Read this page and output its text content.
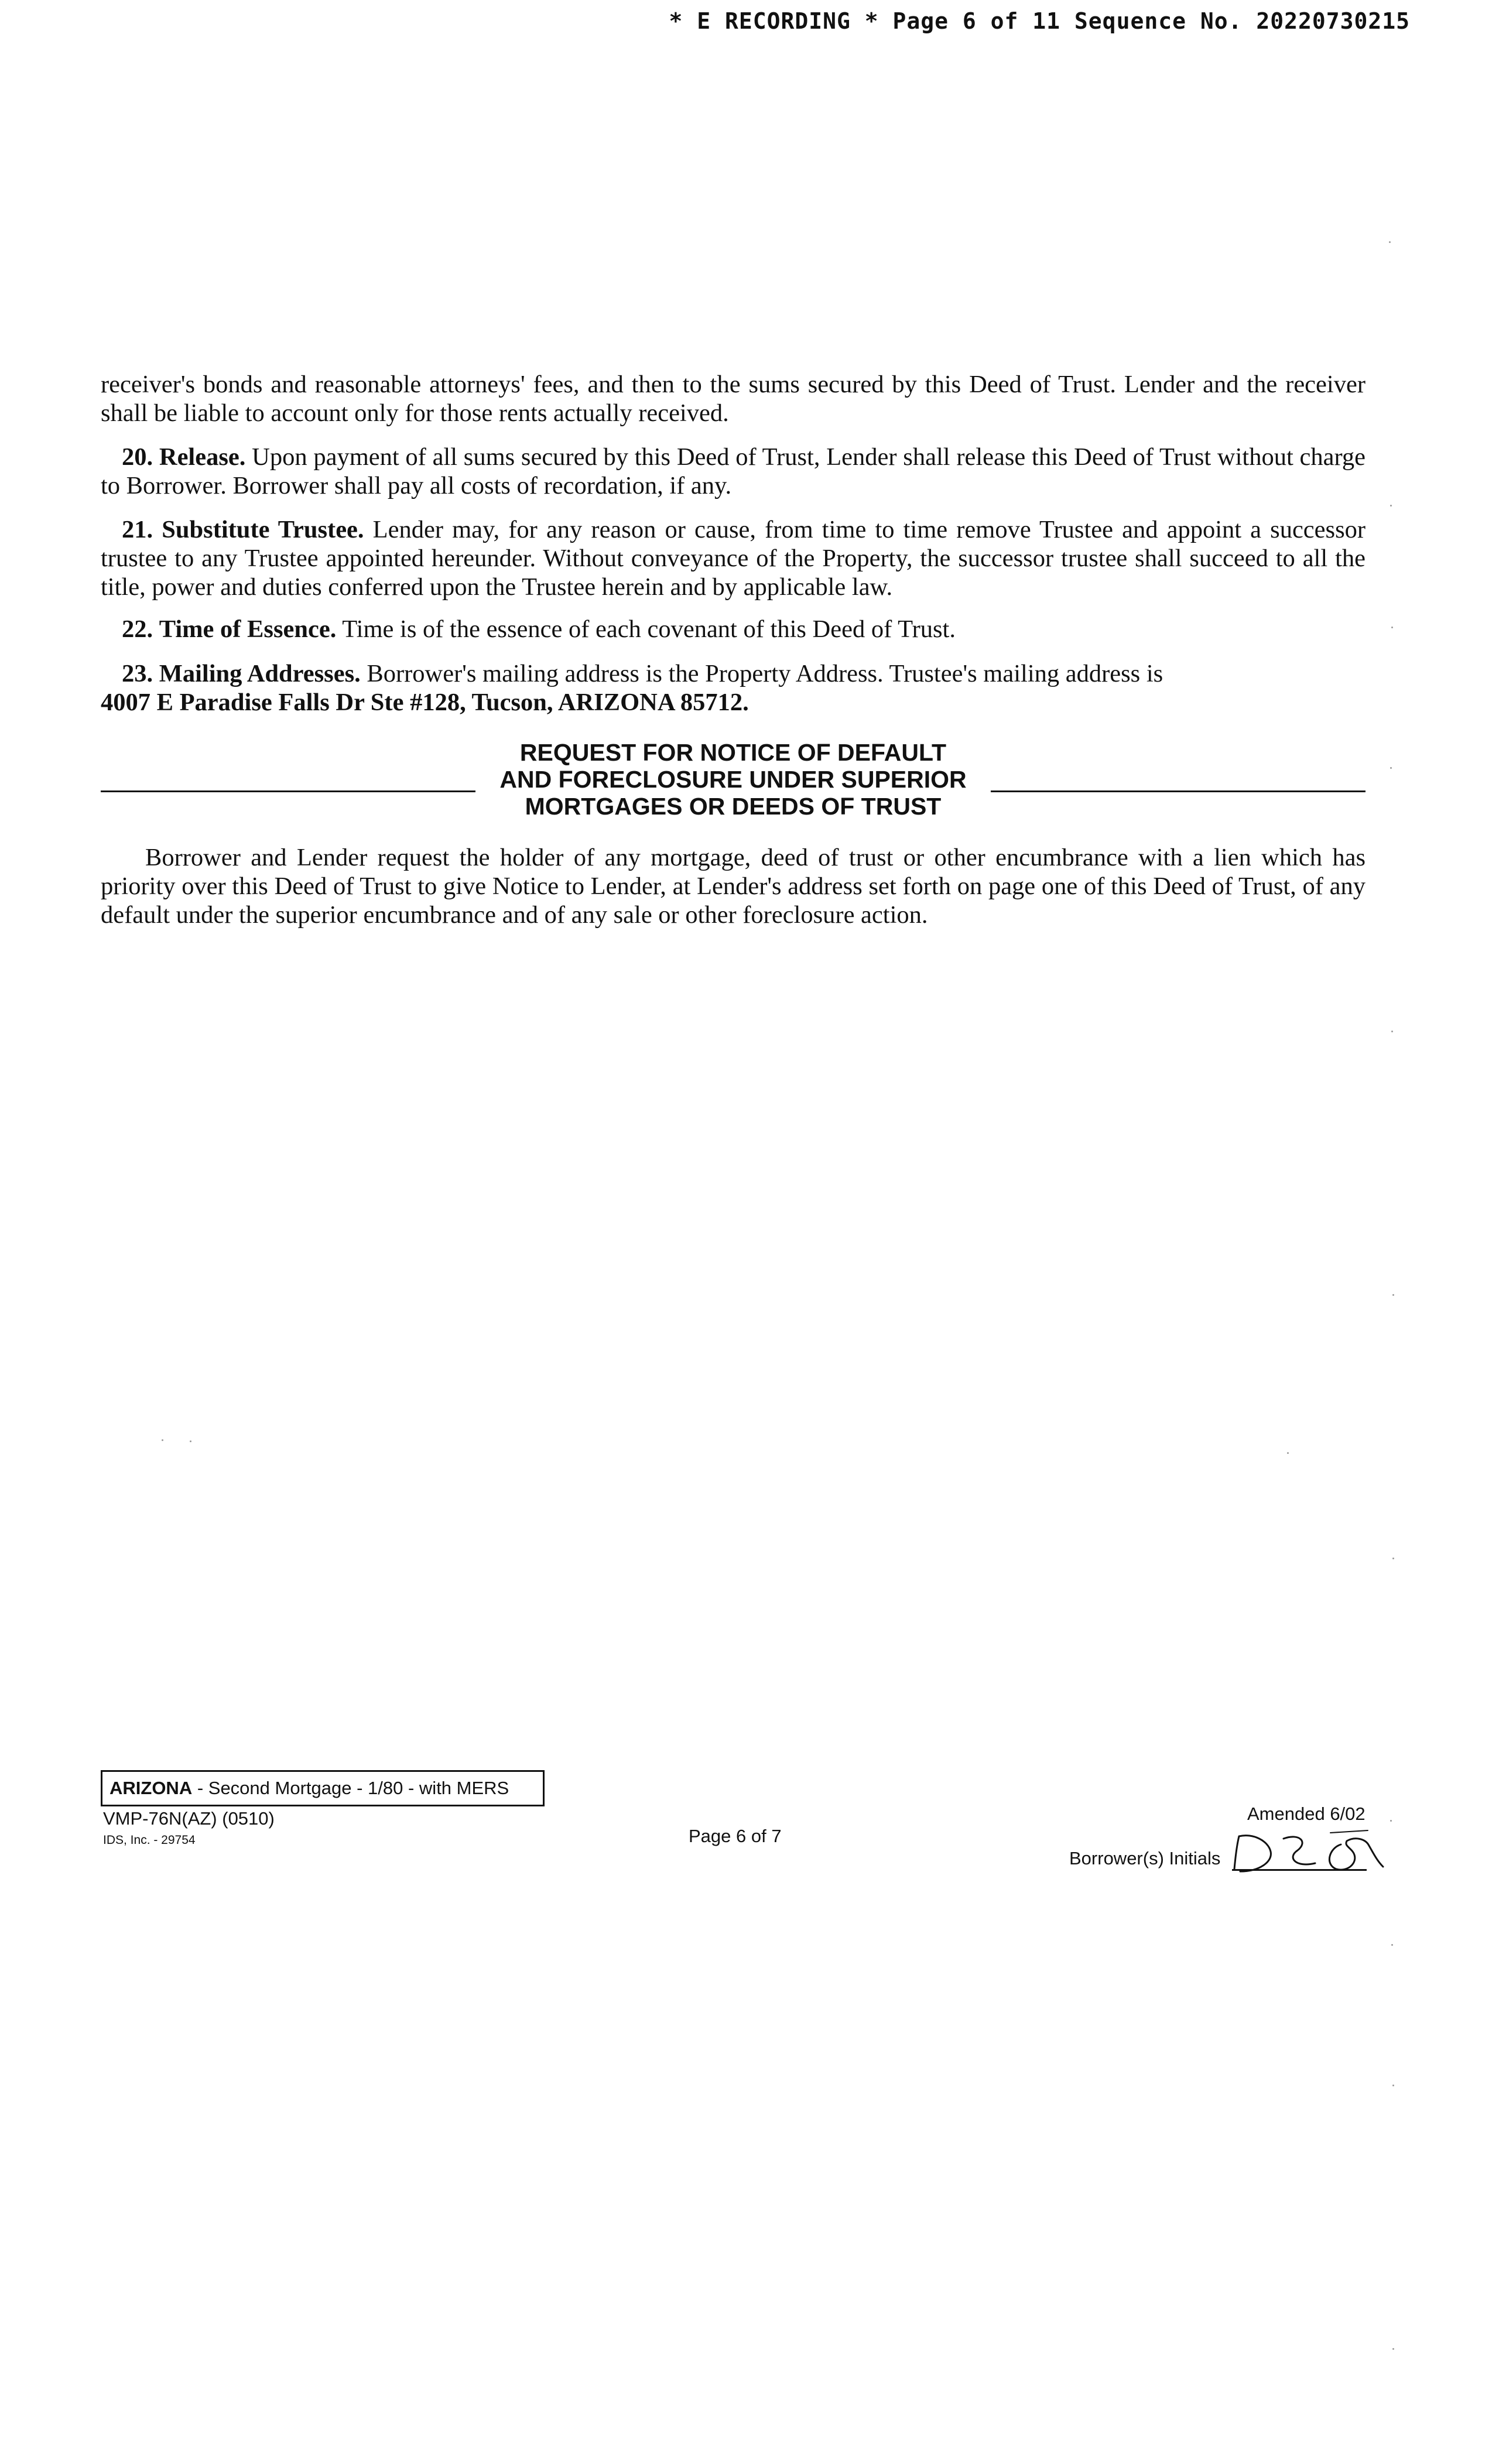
* E RECORDING * Page 6 of 11 Sequence No. 20220730215

receiver's bonds and reasonable attorneys' fees, and then to the sums secured by this Deed of Trust. Lender and the receiver shall be liable to account only for those rents actually received.

20. Release. Upon payment of all sums secured by this Deed of Trust, Lender shall release this Deed of Trust without charge to Borrower. Borrower shall pay all costs of recordation, if any.

21. Substitute Trustee. Lender may, for any reason or cause, from time to time remove Trustee and appoint a successor trustee to any Trustee appointed hereunder. Without conveyance of the Property, the successor trustee shall succeed to all the title, power and duties conferred upon the Trustee herein and by applicable law.

22. Time of Essence. Time is of the essence of each covenant of this Deed of Trust.

23. Mailing Addresses. Borrower's mailing address is the Property Address. Trustee's mailing address is

4007 E Paradise Falls Dr Ste #128, Tucson, ARIZONA 85712.

REQUEST FOR NOTICE OF DEFAULT
AND FORECLOSURE UNDER SUPERIOR
MORTGAGES OR DEEDS OF TRUST

Borrower and Lender request the holder of any mortgage, deed of trust or other encumbrance with a lien which has priority over this Deed of Trust to give Notice to Lender, at Lender's address set forth on page one of this Deed of Trust, of any default under the superior encumbrance and of any sale or other foreclosure action.

ARIZONA - Second Mortgage - 1/80 - with MERS
VMP-76N(AZ) (0510)
IDS, Inc. - 29754	Page 6 of 7
Amended 6/02
Borrower(s) Initials
